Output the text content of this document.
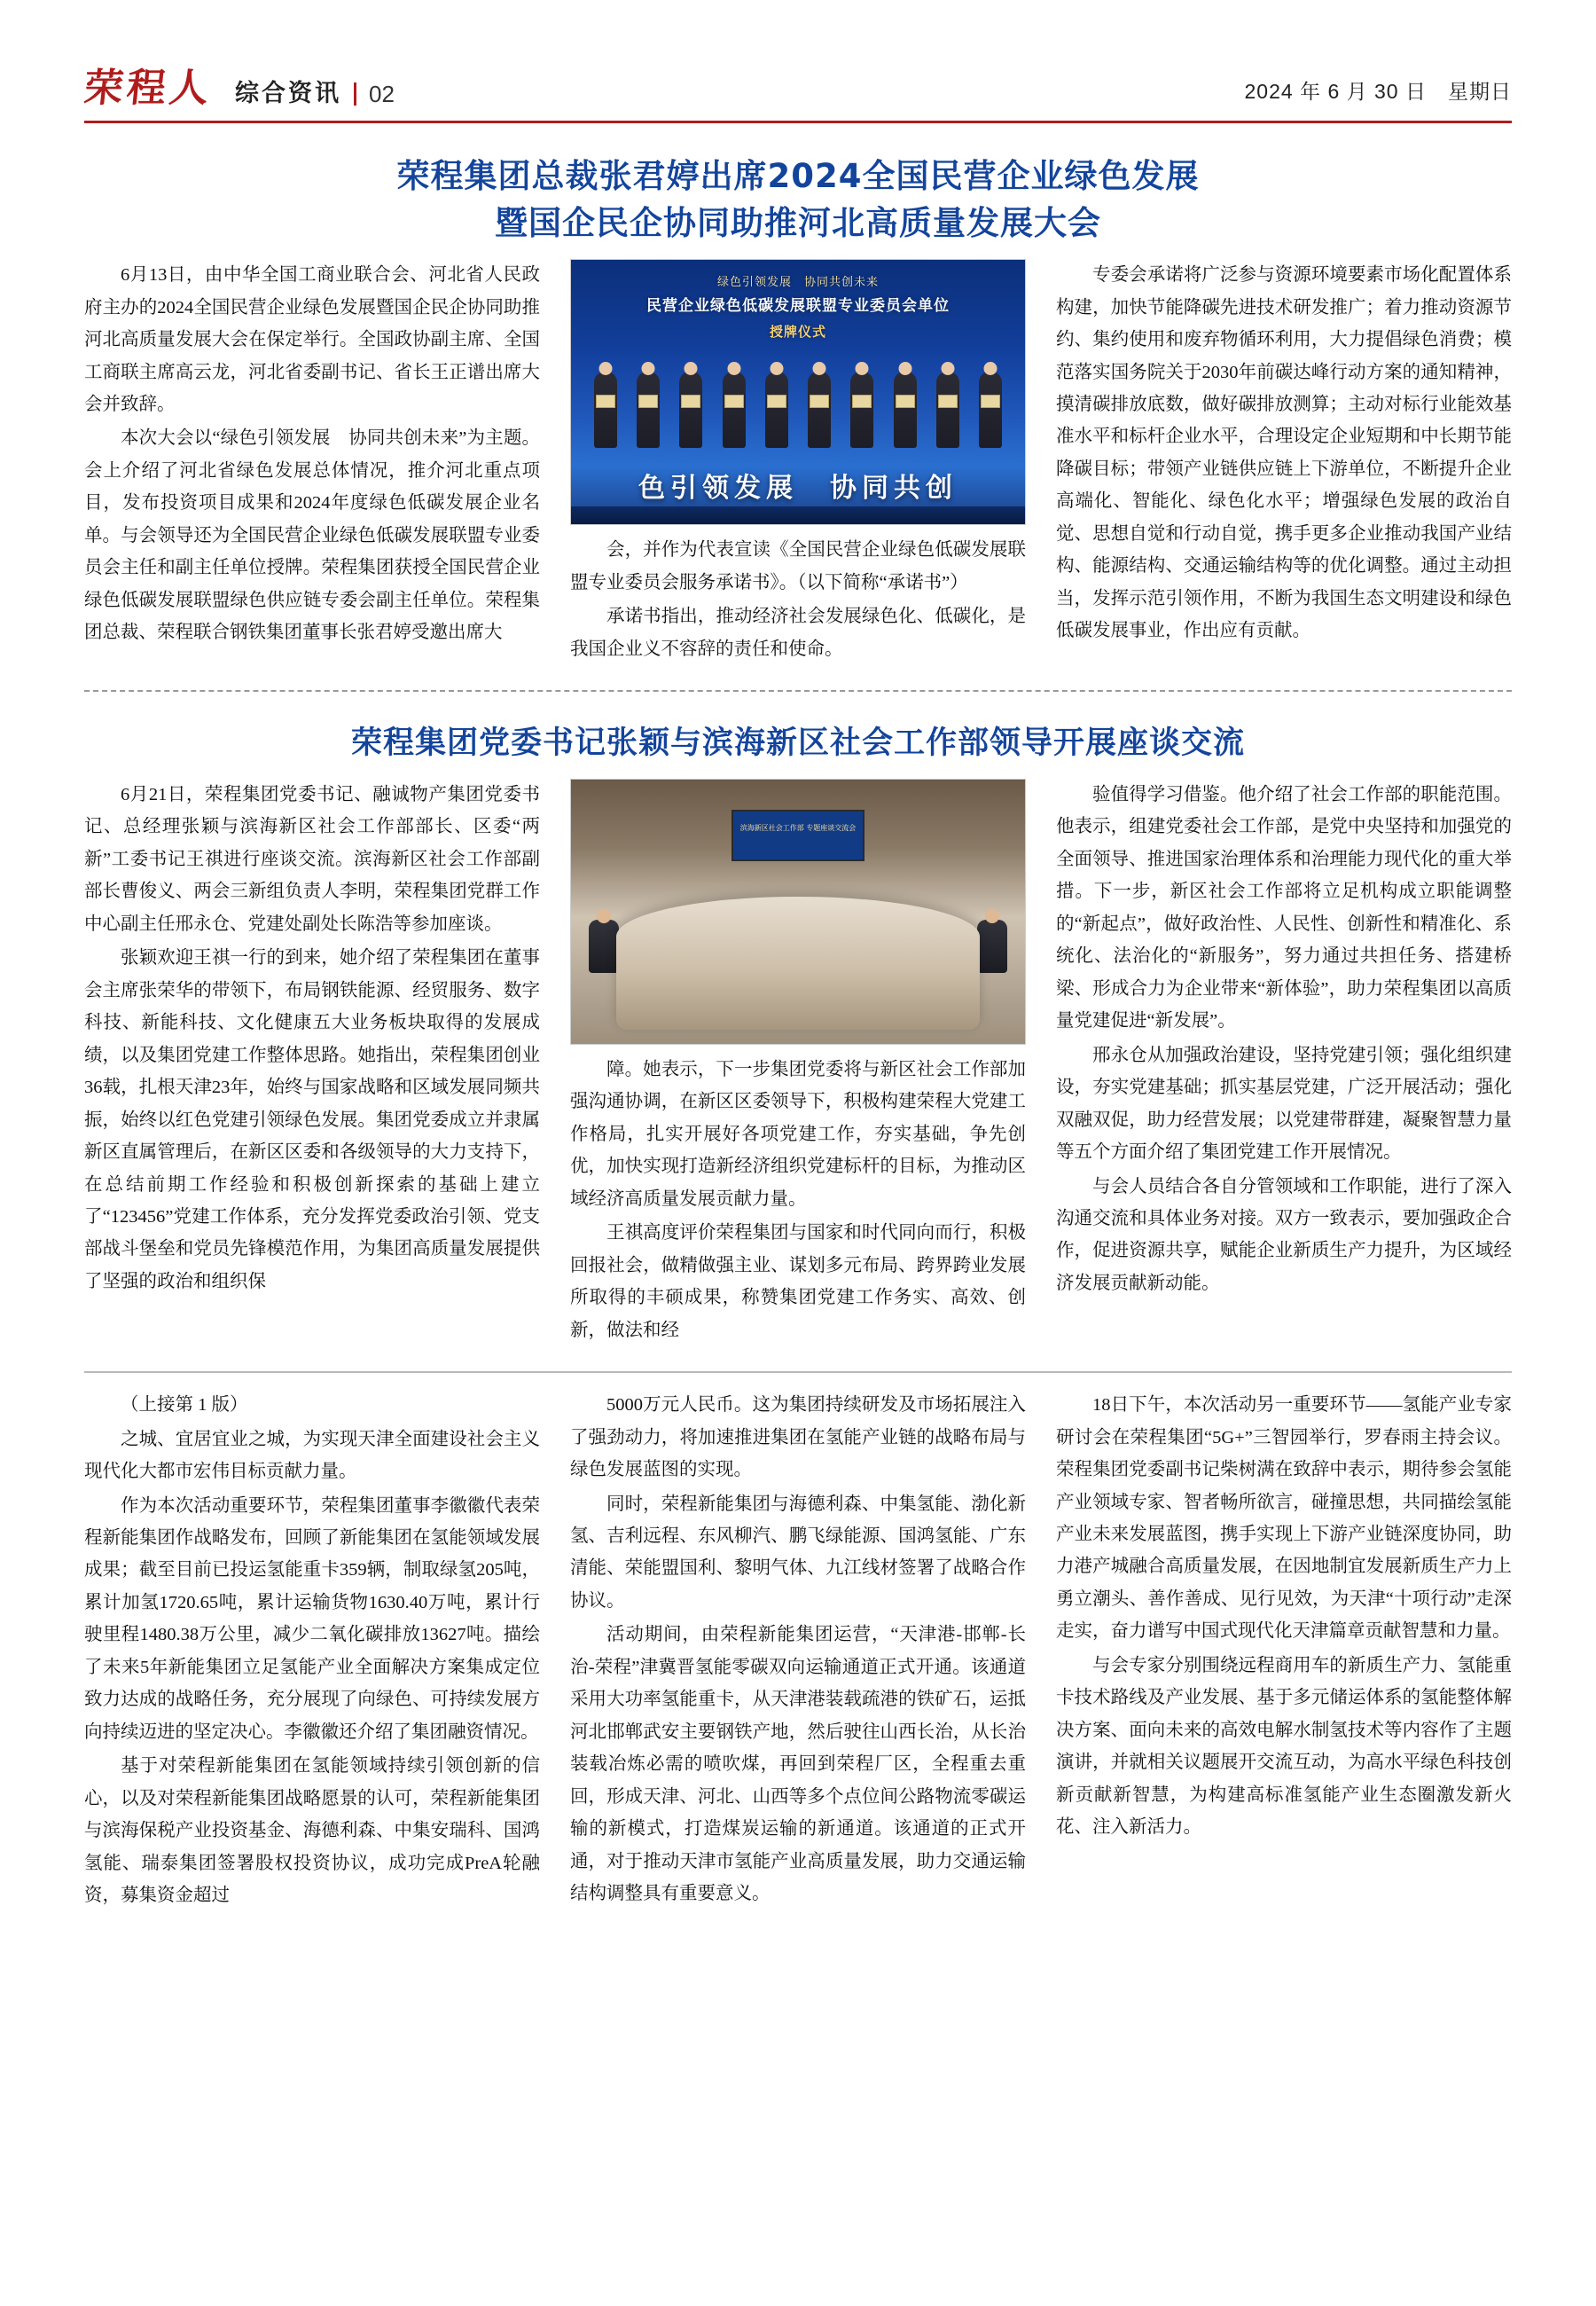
荣程人 综合资讯 02	2024 年 6 月 30 日　星期日
荣程集团总裁张君婷出席2024全国民营企业绿色发展
暨国企民企协同助推河北高质量发展大会

6月13日，由中华全国工商业联合会、河北省人民政府主办的2024全国民营企业绿色发展暨国企民企协同助推河北高质量发展大会在保定举行。全国政协副主席、全国工商联主席高云龙，河北省委副书记、省长王正谱出席大会并致辞。

本次大会以“绿色引领发展　协同共创未来”为主题。会上介绍了河北省绿色发展总体情况，推介河北重点项目，发布投资项目成果和2024年度绿色低碳发展企业名单。与会领导还为全国民营企业绿色低碳发展联盟专业委员会主任和副主任单位授牌。荣程集团获授全国民营企业绿色低碳发展联盟绿色供应链专委会副主任单位。荣程集团总裁、荣程联合钢铁集团董事长张君婷受邀出席大

绿色引领发展　协同共创未来
民营企业绿色低碳发展联盟专业委员会单位
授牌仪式
色引领发展　协同共创

会，并作为代表宣读《全国民营企业绿色低碳发展联盟专业委员会服务承诺书》。（以下简称“承诺书”）

承诺书指出，推动经济社会发展绿色化、低碳化，是我国企业义不容辞的责任和使命。

专委会承诺将广泛参与资源环境要素市场化配置体系构建，加快节能降碳先进技术研发推广；着力推动资源节约、集约使用和废弃物循环利用，大力提倡绿色消费；模范落实国务院关于2030年前碳达峰行动方案的通知精神，摸清碳排放底数，做好碳排放测算；主动对标行业能效基准水平和标杆企业水平，合理设定企业短期和中长期节能降碳目标；带领产业链供应链上下游单位，不断提升企业高端化、智能化、绿色化水平；增强绿色发展的政治自觉、思想自觉和行动自觉，携手更多企业推动我国产业结构、能源结构、交通运输结构等的优化调整。通过主动担当，发挥示范引领作用，不断为我国生态文明建设和绿色低碳发展事业，作出应有贡献。

荣程集团党委书记张颖与滨海新区社会工作部领导开展座谈交流

6月21日，荣程集团党委书记、融诚物产集团党委书记、总经理张颖与滨海新区社会工作部部长、区委“两新”工委书记王祺进行座谈交流。滨海新区社会工作部副部长曹俊义、两会三新组负责人李明，荣程集团党群工作中心副主任邢永仓、党建处副处长陈浩等参加座谈。

张颖欢迎王祺一行的到来，她介绍了荣程集团在董事会主席张荣华的带领下，布局钢铁能源、经贸服务、数字科技、新能科技、文化健康五大业务板块取得的发展成绩，以及集团党建工作整体思路。她指出，荣程集团创业36载，扎根天津23年，始终与国家战略和区域发展同频共振，始终以红色党建引领绿色发展。集团党委成立并隶属新区直属管理后，在新区区委和各级领导的大力支持下，在总结前期工作经验和积极创新探索的基础上建立了“123456”党建工作体系，充分发挥党委政治引领、党支部战斗堡垒和党员先锋模范作用，为集团高质量发展提供了坚强的政治和组织保

滨海新区社会工作部 专题座谈交流会

障。她表示，下一步集团党委将与新区社会工作部加强沟通协调，在新区区委领导下，积极构建荣程大党建工作格局，扎实开展好各项党建工作，夯实基础，争先创优，加快实现打造新经济组织党建标杆的目标，为推动区域经济高质量发展贡献力量。

王祺高度评价荣程集团与国家和时代同向而行，积极回报社会，做精做强主业、谋划多元布局、跨界跨业发展所取得的丰硕成果，称赞集团党建工作务实、高效、创新，做法和经

验值得学习借鉴。他介绍了社会工作部的职能范围。他表示，组建党委社会工作部，是党中央坚持和加强党的全面领导、推进国家治理体系和治理能力现代化的重大举措。下一步，新区社会工作部将立足机构成立职能调整的“新起点”，做好政治性、人民性、创新性和精准化、系统化、法治化的“新服务”，努力通过共担任务、搭建桥梁、形成合力为企业带来“新体验”，助力荣程集团以高质量党建促进“新发展”。

邢永仓从加强政治建设，坚持党建引领；强化组织建设，夯实党建基础；抓实基层党建，广泛开展活动；强化双融双促，助力经营发展；以党建带群建，凝聚智慧力量等五个方面介绍了集团党建工作开展情况。

与会人员结合各自分管领域和工作职能，进行了深入沟通交流和具体业务对接。双方一致表示，要加强政企合作，促进资源共享，赋能企业新质生产力提升，为区域经济发展贡献新动能。

（上接第 1 版）

之城、宜居宜业之城，为实现天津全面建设社会主义现代化大都市宏伟目标贡献力量。

作为本次活动重要环节，荣程集团董事李徽徽代表荣程新能集团作战略发布，回顾了新能集团在氢能领域发展成果；截至目前已投运氢能重卡359辆，制取绿氢205吨，累计加氢1720.65吨，累计运输货物1630.40万吨，累计行驶里程1480.38万公里，减少二氧化碳排放13627吨。描绘了未来5年新能集团立足氢能产业全面解决方案集成定位致力达成的战略任务，充分展现了向绿色、可持续发展方向持续迈进的坚定决心。李徽徽还介绍了集团融资情况。

基于对荣程新能集团在氢能领域持续引领创新的信心，以及对荣程新能集团战略愿景的认可，荣程新能集团与滨海保税产业投资基金、海德利森、中集安瑞科、国鸿氢能、瑞泰集团签署股权投资协议，成功完成PreA轮融资，募集资金超过

5000万元人民币。这为集团持续研发及市场拓展注入了强劲动力，将加速推进集团在氢能产业链的战略布局与绿色发展蓝图的实现。

同时，荣程新能集团与海德利森、中集氢能、渤化新氢、吉利远程、东风柳汽、鹏飞绿能源、国鸿氢能、广东清能、荣能盟国利、黎明气体、九江线材签署了战略合作协议。

活动期间，由荣程新能集团运营，“天津港-邯郸-长治-荣程”津冀晋氢能零碳双向运输通道正式开通。该通道采用大功率氢能重卡，从天津港装载疏港的铁矿石，运抵河北邯郸武安主要钢铁产地，然后驶往山西长治，从长治装载冶炼必需的喷吹煤，再回到荣程厂区，全程重去重回，形成天津、河北、山西等多个点位间公路物流零碳运输的新模式，打造煤炭运输的新通道。该通道的正式开通，对于推动天津市氢能产业高质量发展，助力交通运输结构调整具有重要意义。

18日下午，本次活动另一重要环节——氢能产业专家研讨会在荣程集团“5G+”三智园举行，罗春雨主持会议。荣程集团党委副书记柴树满在致辞中表示，期待参会氢能产业领域专家、智者畅所欲言，碰撞思想，共同描绘氢能产业未来发展蓝图，携手实现上下游产业链深度协同，助力港产城融合高质量发展，在因地制宜发展新质生产力上勇立潮头、善作善成、见行见效，为天津“十项行动”走深走实，奋力谱写中国式现代化天津篇章贡献智慧和力量。

与会专家分别围绕远程商用车的新质生产力、氢能重卡技术路线及产业发展、基于多元储运体系的氢能整体解决方案、面向未来的高效电解水制氢技术等内容作了主题演讲，并就相关议题展开交流互动，为高水平绿色科技创新贡献新智慧，为构建高标准氢能产业生态圈激发新火花、注入新活力。
